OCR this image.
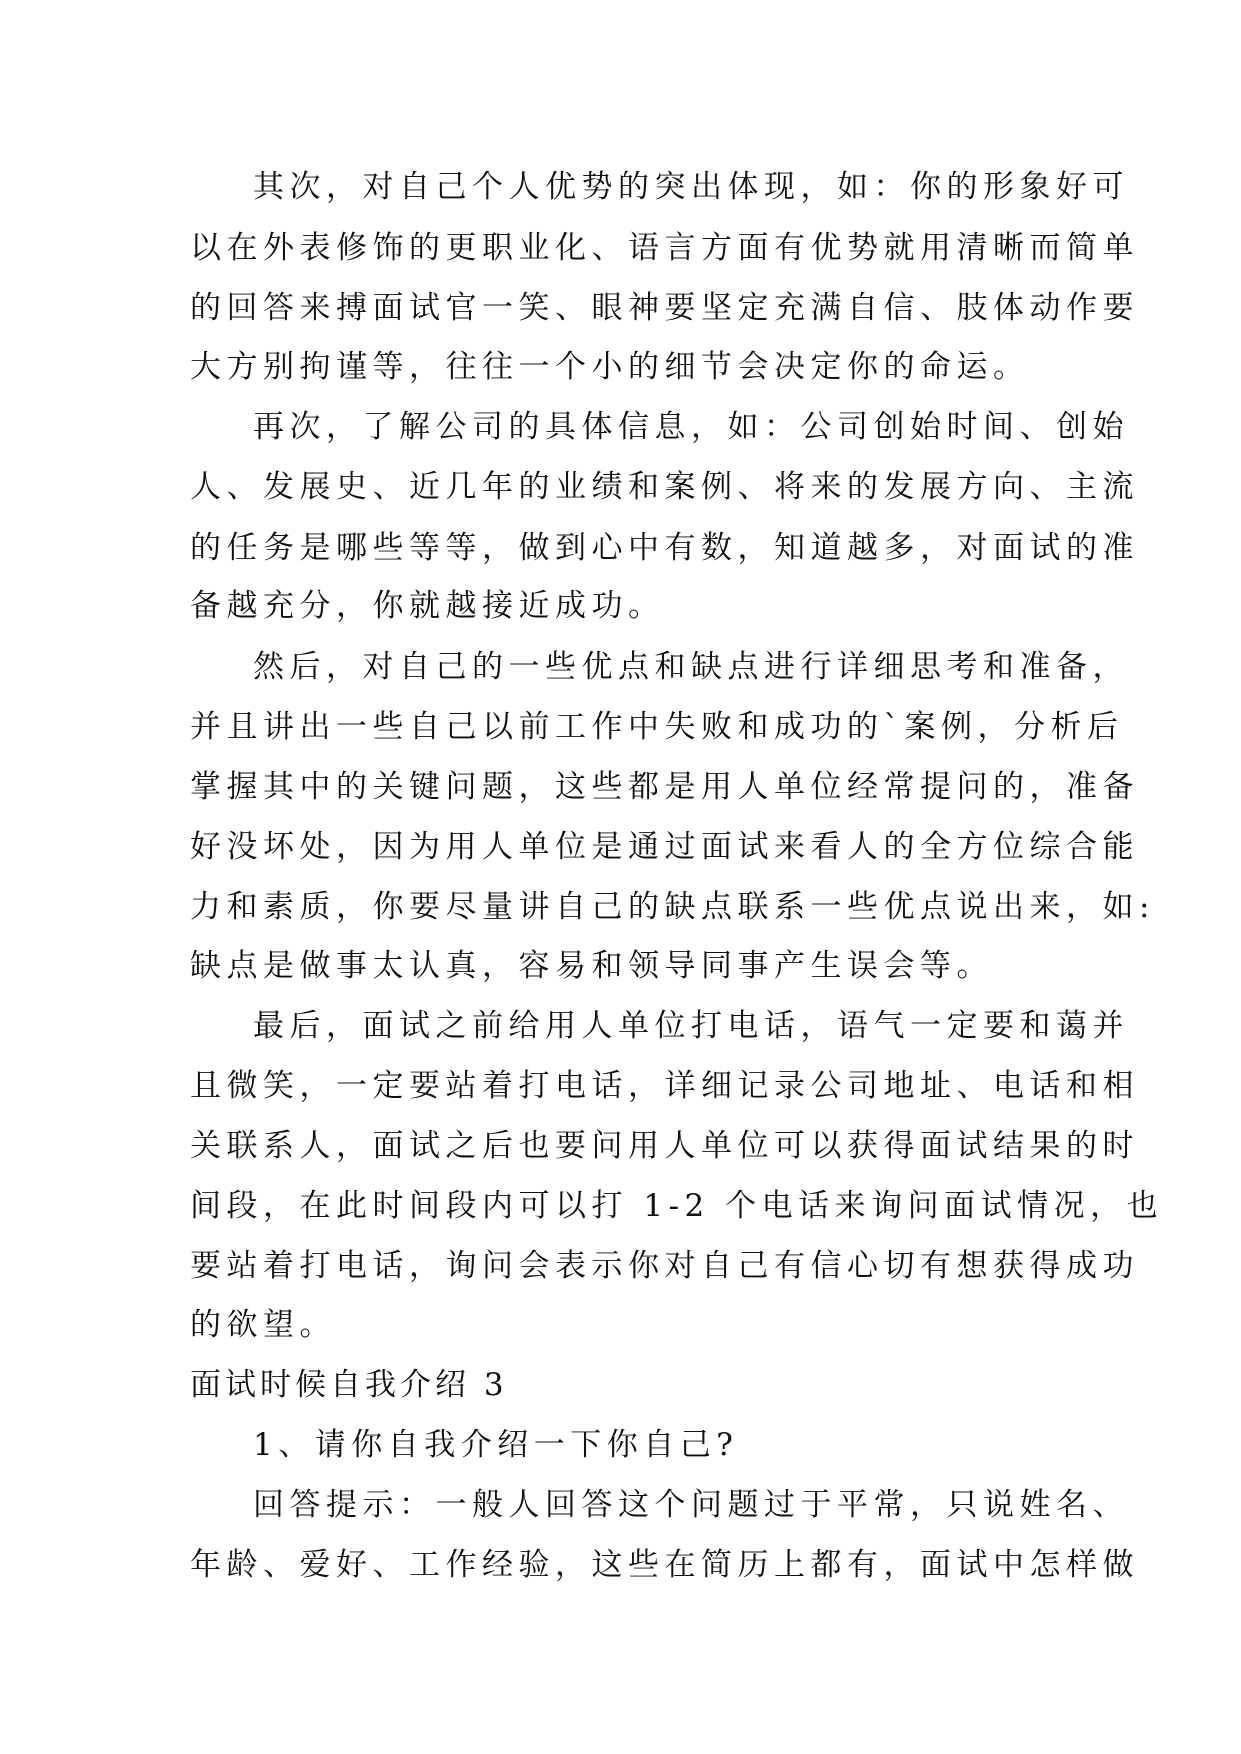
其次，对自己个人优势的突出体现，如：你的形象好可
以在外表修饰的更职业化、语言方面有优势就用清晰而简单
的回答来搏面试官一笑、眼神要坚定充满自信、肢体动作要
大方别拘谨等，往往一个小的细节会决定你的命运。
再次，了解公司的具体信息，如：公司创始时间、创始
人、发展史、近几年的业绩和案例、将来的发展方向、主流
的任务是哪些等等，做到心中有数，知道越多，对面试的准
备越充分，你就越接近成功。
然后，对自己的一些优点和缺点进行详细思考和准备，
并且讲出一些自己以前工作中失败和成功的`案例，分析后
掌握其中的关键问题，这些都是用人单位经常提问的，准备
好没坏处，因为用人单位是通过面试来看人的全方位综合能
力和素质，你要尽量讲自己的缺点联系一些优点说出来，如:
缺点是做事太认真，容易和领导同事产生误会等。
最后，面试之前给用人单位打电话，语气一定要和蔼并
且微笑，一定要站着打电话，详细记录公司地址、电话和相
关联系人，面试之后也要问用人单位可以获得面试结果的时
间段，在此时间段内可以打 1-2 个电话来询问面试情况，也
要站着打电话，询问会表示你对自己有信心切有想获得成功
的欲望。
面试时候自我介绍 3
1、请你自我介绍一下你自己?
回答提示：一般人回答这个问题过于平常，只说姓名、
年龄、爱好、工作经验，这些在简历上都有，面试中怎样做
